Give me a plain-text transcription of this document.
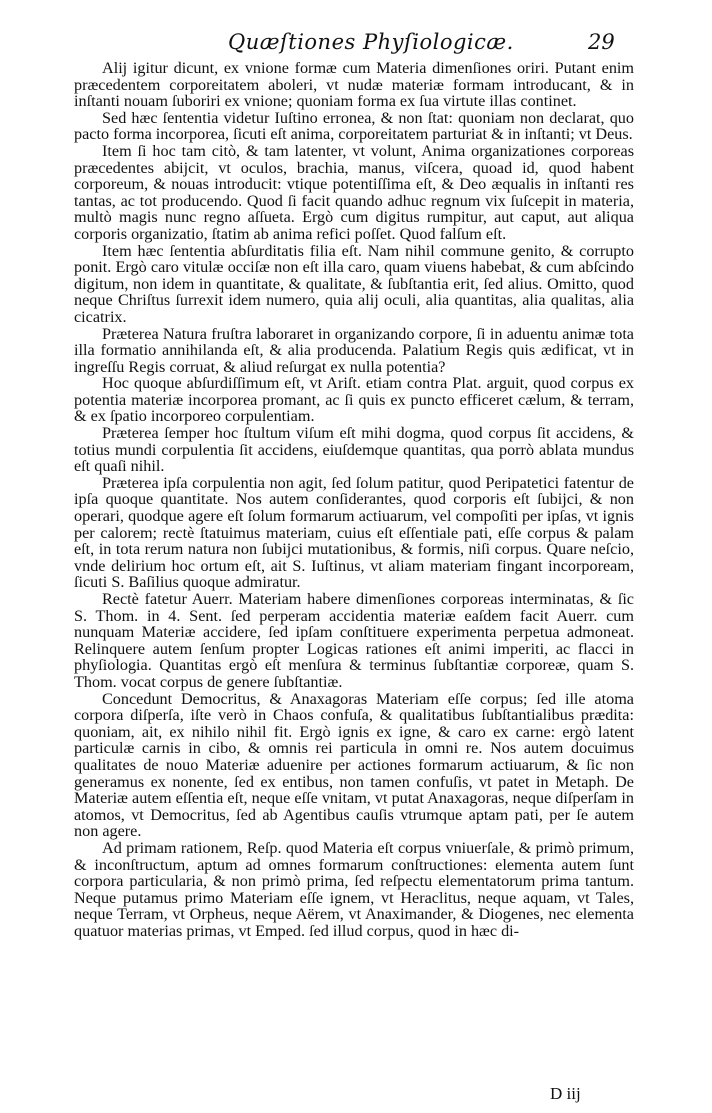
Quæſtiones Phyſiologicæ.	29

Alij igitur dicunt, ex vnione formæ cum Materia dimenſiones oriri. Putant enim præcedentem corporeitatem aboleri, vt nudæ materiæ formam introducant, & in inſtanti nouam ſuboriri ex vnione; quoniam forma ex ſua virtute illas continet.

Sed hæc ſententia videtur Iuſtino erronea, & non ſtat: quoniam non declarat, quo pacto forma incorporea, ſicuti eſt anima, corporeitatem parturiat & in inſtanti; vt Deus.

Item ſi hoc tam citò, & tam latenter, vt volunt, Anima organizationes corporeas præcedentes abijcit, vt oculos, brachia, manus, viſcera, quoad id, quod habent corporeum, & nouas introducit: vtique potentiſſima eſt, & Deo æqualis in inſtanti res tantas, ac tot producendo. Quod ſi facit quando adhuc regnum vix ſuſcepit in materia, multò magis nunc regno aſſueta. Ergò cum digitus rumpitur, aut caput, aut aliqua corporis organizatio, ſtatim ab anima refici poſſet. Quod falſum eſt.

Item hæc ſententia abſurditatis filia eſt. Nam nihil commune genito, & corrupto ponit. Ergò caro vitulæ occiſæ non eſt illa caro, quam viuens habebat, & cum abſcindo digitum, non idem in quantitate, & qualitate, & ſubſtantia erit, ſed alius. Omitto, quod neque Chriſtus ſurrexit idem numero, quia alij oculi, alia quantitas, alia qualitas, alia cicatrix.

Præterea Natura fruſtra laboraret in organizando corpore, ſi in aduentu animæ tota illa formatio annihilanda eſt, & alia producenda. Palatium Regis quis ædificat, vt in ingreſſu Regis corruat, & aliud reſurgat ex nulla potentia?

Hoc quoque abſurdiſſimum eſt, vt Ariſt. etiam contra Plat. arguit, quod corpus ex potentia materiæ incorporea promant, ac ſi quis ex puncto efficeret cælum, & terram, & ex ſpatio incorporeo corpulentiam.

Præterea ſemper hoc ſtultum viſum eſt mihi dogma, quod corpus ſit accidens, & totius mundi corpulentia ſit accidens, eiuſdemque quantitas, qua porrò ablata mundus eſt quaſi nihil.

Præterea ipſa corpulentia non agit, ſed ſolum patitur, quod Peripatetici fatentur de ipſa quoque quantitate. Nos autem conſiderantes, quod corporis eſt ſubijci, & non operari, quodque agere eſt ſolum formarum actiuarum, vel compoſiti per ipſas, vt ignis per calorem; rectè ſtatuimus materiam, cuius eſt eſſentiale pati, eſſe corpus & palam eſt, in tota rerum natura non ſubijci mutationibus, & formis, niſi corpus. Quare neſcio, vnde delirium hoc ortum eſt, ait S. Iuſtinus, vt aliam materiam fingant incorpoream, ſicuti S. Baſilius quoque admiratur.

Rectè fatetur Auerr. Materiam habere dimenſiones corporeas interminatas, & ſic S. Thom. in 4. Sent. ſed perperam accidentia materiæ eaſdem facit Auerr. cum nunquam Materiæ accidere, ſed ipſam conſtituere experimenta perpetua admoneat. Relinquere autem ſenſum propter Logicas rationes eſt animi imperiti, ac flacci in phyſiologia. Quantitas ergò eſt menſura & terminus ſubſtantiæ corporeæ, quam S. Thom. vocat corpus de genere ſubſtantiæ.

Concedunt Democritus, & Anaxagoras Materiam eſſe corpus; ſed ille atoma corpora diſperſa, iſte verò in Chaos confuſa, & qualitatibus ſubſtantialibus prædita: quoniam, ait, ex nihilo nihil fit. Ergò ignis ex igne, & caro ex carne: ergò latent particulæ carnis in cibo, & omnis rei particula in omni re. Nos autem docuimus qualitates de nouo Materiæ aduenire per actiones formarum actiuarum, & ſic non generamus ex nonente, ſed ex entibus, non tamen confuſis, vt patet in Metaph. De Materiæ autem eſſentia eſt, neque eſſe vnitam, vt putat Anaxagoras, neque diſperſam in atomos, vt Democritus, ſed ab Agentibus cauſis vtrumque aptam pati, per ſe autem non agere.

Ad primam rationem, Reſp. quod Materia eſt corpus vniuerſale, & primò primum, & inconſtructum, aptum ad omnes formarum conſtructiones: elementa autem ſunt corpora particularia, & non primò prima, ſed reſpectu elementatorum prima tantum. Neque putamus primo Materiam eſſe ignem, vt Heraclitus, neque aquam, vt Tales, neque Terram, vt Orpheus, neque Aërem, vt Anaximander, & Diogenes, nec elementa quatuor materias primas, vt Emped. ſed illud corpus, quod in hæc di-

D iij
